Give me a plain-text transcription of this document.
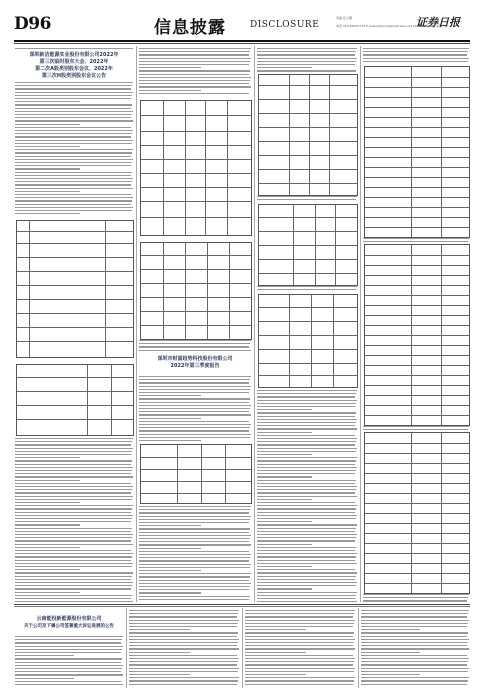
D96	信息披露	DISCLOSURE
责编 张玉卿
电话 010-63070770 E-mail:zqrbxxpl@zqrb.sina.net 2023年1月21日 星期六
证券日报
深圳新洁能源实业股份有限公司2022年
第三次临时股东大会、2022年
第二次A股类别股东会议、2022年
第三次H股类别股东会议公告
深圳市财富趋势科技股份有限公司
2022年第三季度报告
云南能投新能源股份有限公司
关于公司及下属公司签署重大诉讼进展的公告
